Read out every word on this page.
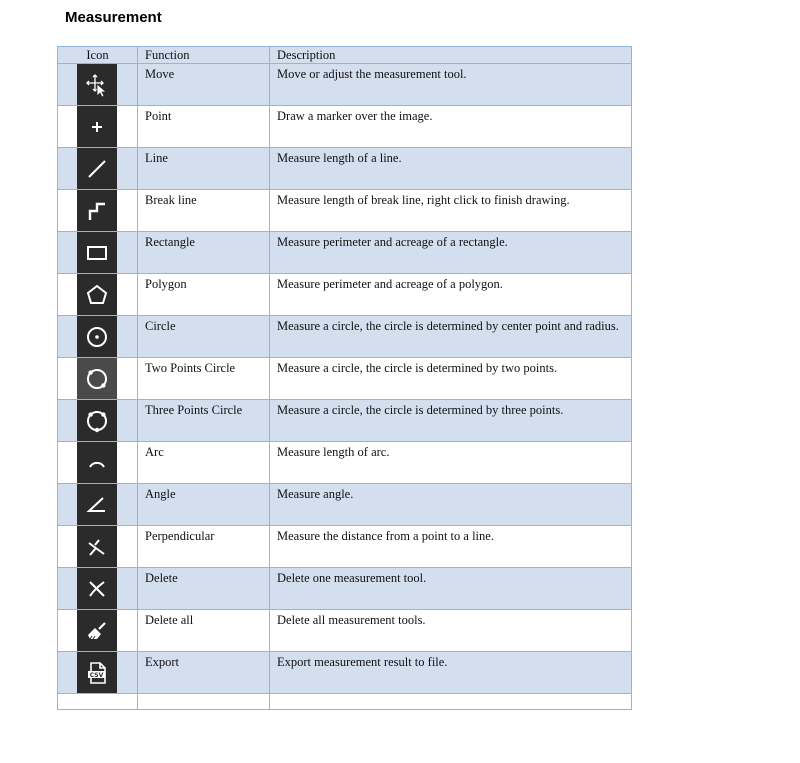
Measurement
Icon	Function	Description

	Move	Move or adjust the measurement tool.

	Point	Draw a marker over the image.

	Line	Measure length of a line.

	Break line	Measure length of break line, right click to finish drawing.

	Rectangle	Measure perimeter and acreage of a rectangle.

	Polygon	Measure perimeter and acreage of a polygon.

	Circle	Measure a circle, the circle is determined by center point and radius.

	Two Points Circle	Measure a circle, the circle is determined by two points.

	Three Points Circle	Measure a circle, the circle is determined by three points.

	Arc	Measure length of arc.

	Angle	Measure angle.

	Perpendicular	Measure the distance from a point to a line.

	Delete	Delete one measurement tool.

	Delete all	Delete all measurement tools.

CSV	Export	Export measurement result to file.
